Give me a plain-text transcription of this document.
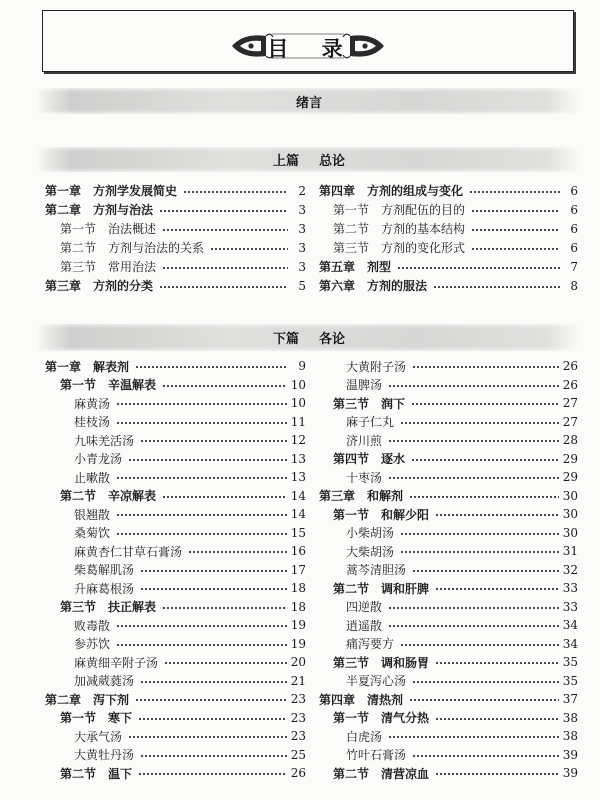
目 录
绪言
上篇 总论
第一章 方剂学发展简史	2
第二章 方剂与治法	3
第一节 治法概述	3
第二节 方剂与治法的关系	3
第三节 常用治法	3
第三章 方剂的分类	5
第四章 方剂的组成与变化	6
第一节 方剂配伍的目的	6
第二节 方剂的基本结构	6
第三节 方剂的变化形式	6
第五章 剂型	7
第六章 方剂的服法	8
下篇 各论
第一章 解表剂	9
第一节 辛温解表	10
麻黄汤	10
桂枝汤	11
九味羌活汤	12
小青龙汤	13
止嗽散	13
第二节 辛凉解表	14
银翘散	14
桑菊饮	15
麻黄杏仁甘草石膏汤	16
柴葛解肌汤	17
升麻葛根汤	18
第三节 扶正解表	18
败毒散	19
参苏饮	19
麻黄细辛附子汤	20
加减葳蕤汤	21
第二章 泻下剂	23
第一节 寒下	23
大承气汤	23
大黄牡丹汤	25
第二节 温下	26
大黄附子汤	26
温脾汤	26
第三节 润下	27
麻子仁丸	27
济川煎	28
第四节 逐水	29
十枣汤	29
第三章 和解剂	30
第一节 和解少阳	30
小柴胡汤	30
大柴胡汤	31
蒿芩清胆汤	32
第二节 调和肝脾	33
四逆散	33
逍遥散	34
痛泻要方	34
第三节 调和肠胃	35
半夏泻心汤	35
第四章 清热剂	37
第一节 清气分热	38
白虎汤	38
竹叶石膏汤	39
第二节 清营凉血	39
